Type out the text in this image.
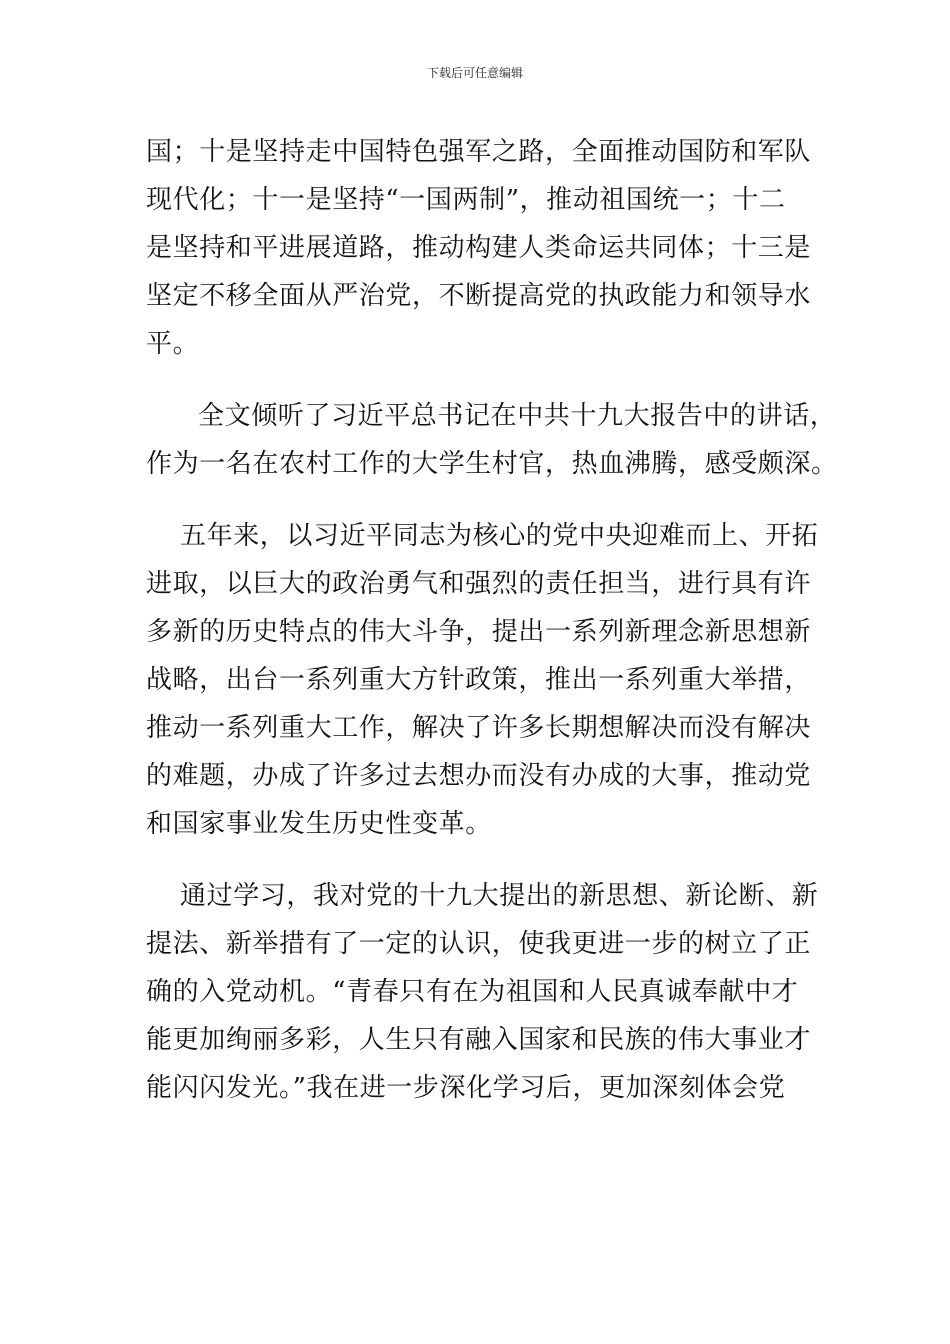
下载后可任意编辑
国；十是坚持走中国特色强军之路，全面推动国防和军队
现代化；十一是坚持“一国两制”，推动祖国统一；十二
是坚持和平进展道路，推动构建人类命运共同体；十三是
坚定不移全面从严治党，不断提高党的执政能力和领导水
平。
全文倾听了习近平总书记在中共十九大报告中的讲话，
作为一名在农村工作的大学生村官，热血沸腾，感受颇深。
五年来，以习近平同志为核心的党中央迎难而上、开拓
进取，以巨大的政治勇气和强烈的责任担当，进行具有许
多新的历史特点的伟大斗争，提出一系列新理念新思想新
战略，出台一系列重大方针政策，推出一系列重大举措，
推动一系列重大工作，解决了许多长期想解决而没有解决
的难题，办成了许多过去想办而没有办成的大事，推动党
和国家事业发生历史性变革。
通过学习，我对党的十九大提出的新思想、新论断、新
提法、新举措有了一定的认识，使我更进一步的树立了正
确的入党动机。“青春只有在为祖国和人民真诚奉献中才
能更加绚丽多彩，人生只有融入国家和民族的伟大事业才
能闪闪发光。”我在进一步深化学习后，更加深刻体会党
